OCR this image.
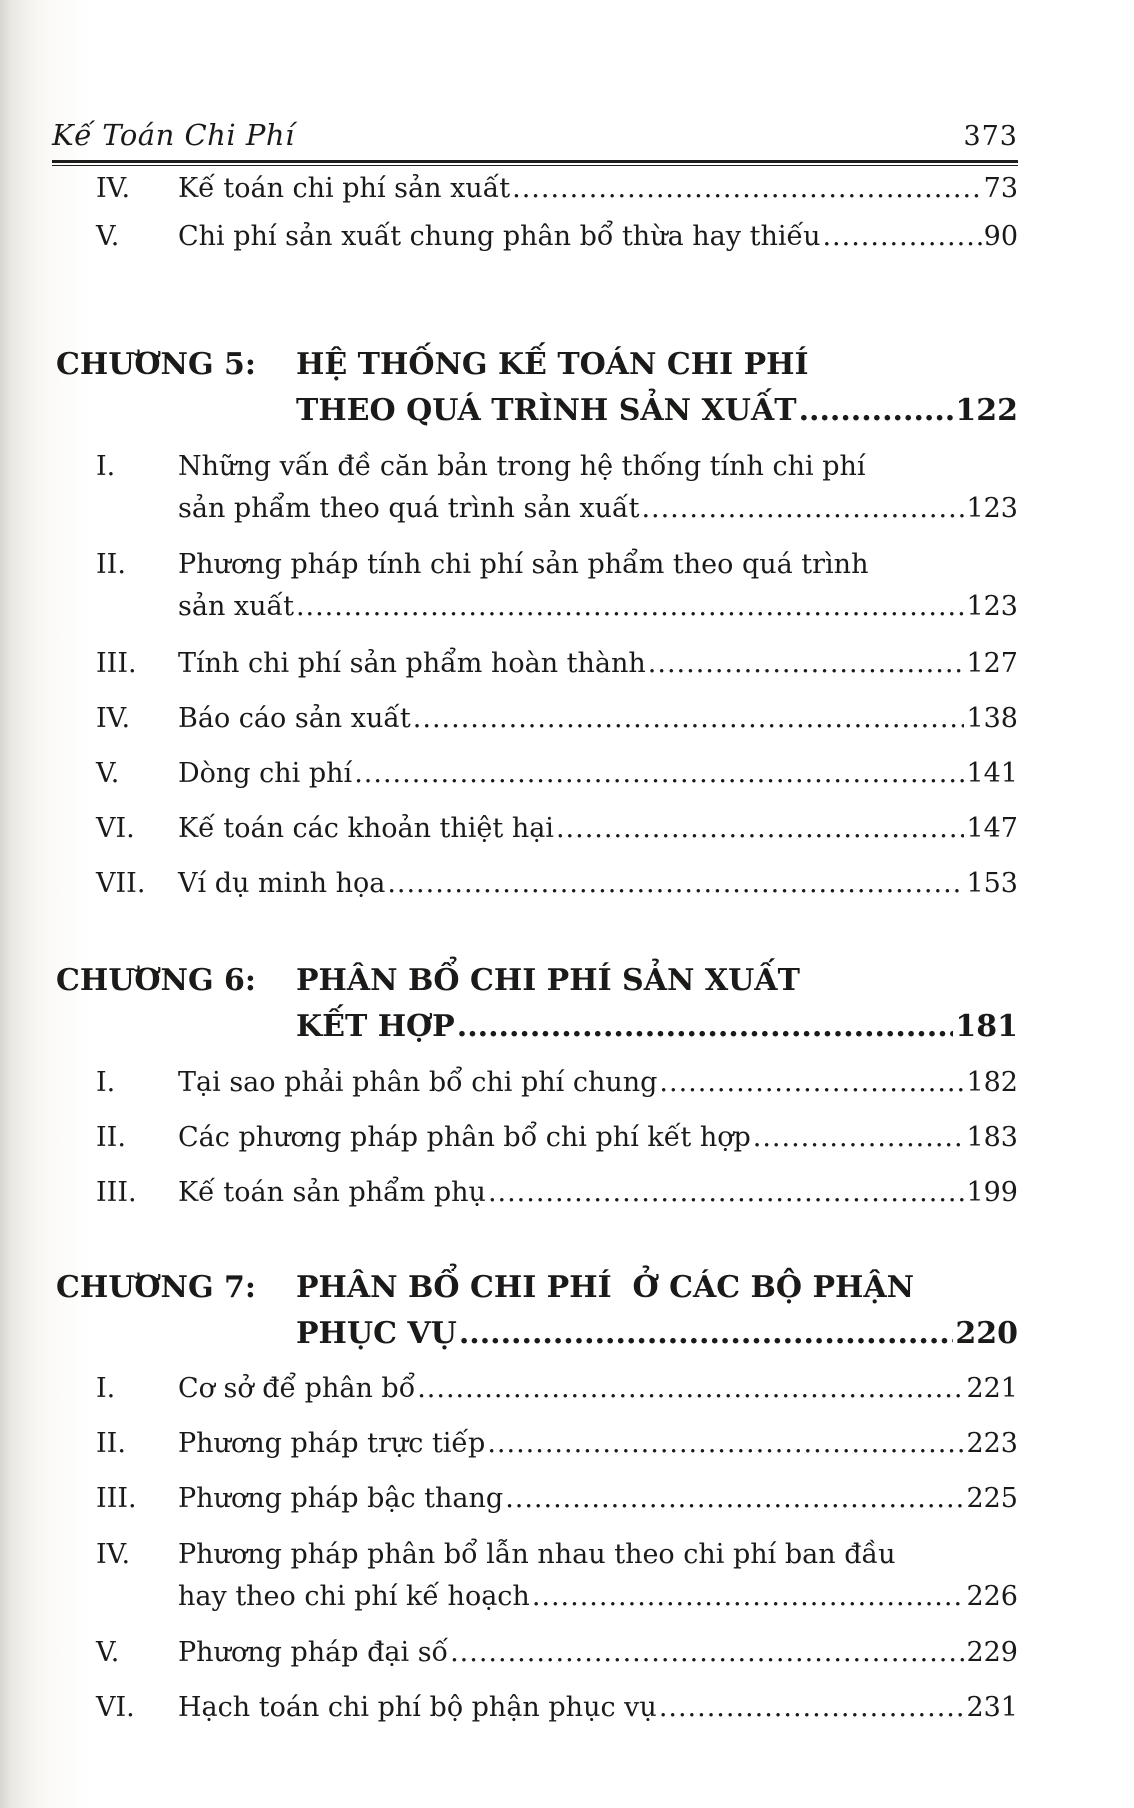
Kế Toán Chi Phí	373
IV.	Kế toán chi phí sản xuất .....	73
V.	Chi phí sản xuất chung phân bổ thừa hay thiếu .....	90
CHƯƠNG 5:	HỆ THỐNG KẾ TOÁN CHI PHÍ
THEO QUÁ TRÌNH SẢN XUẤT .....	122
I.	Những vấn đề căn bản trong hệ thống tính chi phí
sản phẩm theo quá trình sản xuất .....	123
II.	Phương pháp tính chi phí sản phẩm theo quá trình
sản xuất .....	123
III.	Tính chi phí sản phẩm hoàn thành .....	127
IV.	Báo cáo sản xuất .....	138
V.	Dòng chi phí .....	141
VI.	Kế toán các khoản thiệt hại .....	147
VII.	Ví dụ minh họa .....	153
CHƯƠNG 6:	PHÂN BỔ CHI PHÍ SẢN XUẤT
KẾT HỢP .....	181
I.	Tại sao phải phân bổ chi phí chung .....	182
II.	Các phương pháp phân bổ chi phí kết hợp .....	183
III.	Kế toán sản phẩm phụ .....	199
CHƯƠNG 7:	PHÂN BỔ CHI PHÍ  Ở CÁC BỘ PHẬN
PHỤC VỤ .....	220
I.	Cơ sở để phân bổ .....	221
II.	Phương pháp trực tiếp .....	223
III.	Phương pháp bậc thang .....	225
IV.	Phương pháp phân bổ lẫn nhau theo chi phí ban đầu
hay theo chi phí kế hoạch .....	226
V.	Phương pháp đại số .....	229
VI.	Hạch toán chi phí bộ phận phục vụ .....	231
